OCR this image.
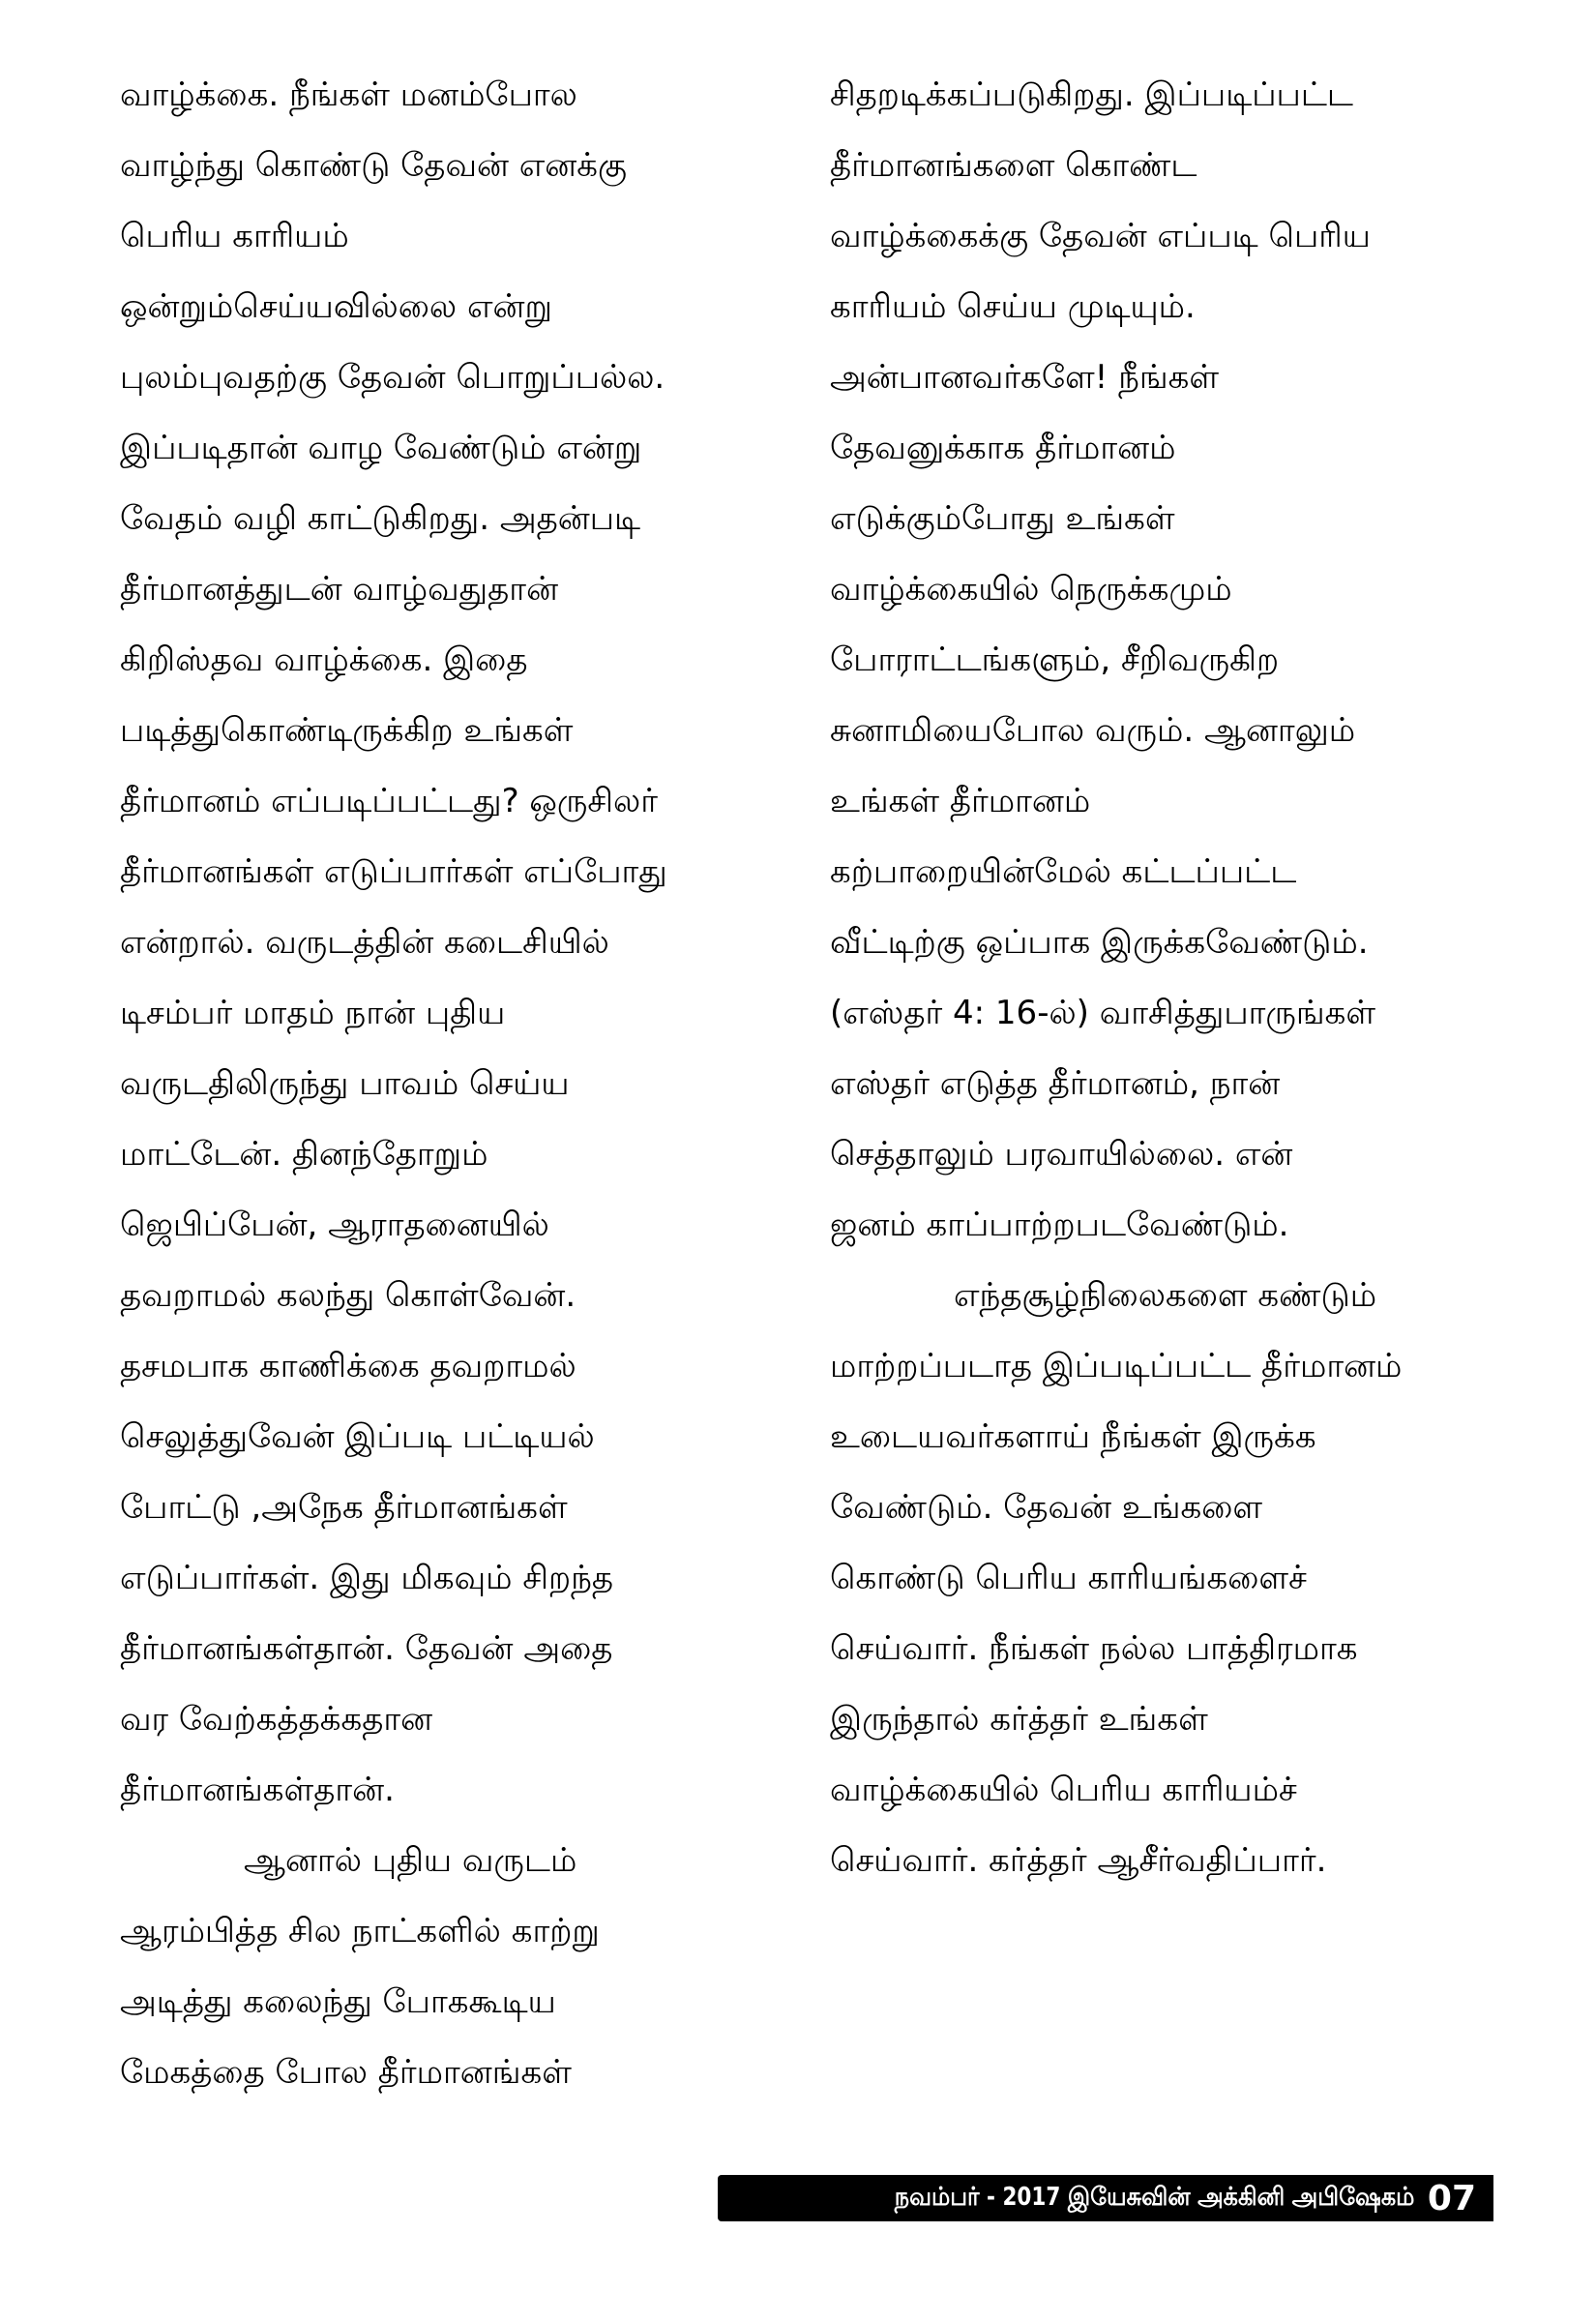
வாழ்க்கை. நீங்கள் மனம்போல
வாழ்ந்து கொண்டு தேவன் எனக்கு
பெரிய காரியம்
ஒன்றும்செய்யவில்லை என்று
புலம்புவதற்கு தேவன் பொறுப்பல்ல.
இப்படிதான் வாழ வேண்டும் என்று
வேதம் வழி காட்டுகிறது. அதன்படி
தீர்மானத்துடன் வாழ்வதுதான்
கிறிஸ்தவ வாழ்க்கை. இதை
படித்துகொண்டிருக்கிற உங்கள்
தீர்மானம் எப்படிப்பட்டது? ஒருசிலர்
தீர்மானங்கள் எடுப்பார்கள் எப்போது
என்றால். வருடத்தின் கடைசியில்
டிசம்பர் மாதம் நான் புதிய
வருடதிலிருந்து பாவம் செய்ய
மாட்டேன். தினந்தோறும்
ஜெபிப்பேன், ஆராதனையில்
தவறாமல் கலந்து கொள்வேன்.
தசமபாக காணிக்கை தவறாமல்
செலுத்துவேன் இப்படி பட்டியல்
போட்டு ,அநேக தீர்மானங்கள்
எடுப்பார்கள். இது மிகவும் சிறந்த
தீர்மானங்கள்தான். தேவன் அதை
வர வேற்கத்தக்கதான
தீர்மானங்கள்தான்.
ஆனால் புதிய வருடம்
ஆரம்பித்த சில நாட்களில் காற்று
அடித்து கலைந்து போககூடிய
மேகத்தை போல தீர்மானங்கள்
சிதறடிக்கப்படுகிறது. இப்படிப்பட்ட
தீர்மானங்களை கொண்ட
வாழ்க்கைக்கு தேவன் எப்படி பெரிய
காரியம் செய்ய முடியும்.
அன்பானவர்களே! நீங்கள்
தேவனுக்காக தீர்மானம்
எடுக்கும்போது உங்கள்
வாழ்க்கையில் நெருக்கமும்
போராட்டங்களும், சீறிவருகிற
சுனாமியைபோல வரும். ஆனாலும்
உங்கள் தீர்மானம்
கற்பாறையின்மேல் கட்டப்பட்ட
வீட்டிற்கு ஒப்பாக இருக்கவேண்டும்.
(எஸ்தர் 4: 16-ல்) வாசித்துபாருங்கள்
எஸ்தர் எடுத்த தீர்மானம், நான்
செத்தாலும் பரவாயில்லை. என்
ஜனம் காப்பாற்றபடவேண்டும்.
எந்தசூழ்நிலைகளை கண்டும்
மாற்றப்படாத இப்படிப்பட்ட தீர்மானம்
உடையவர்களாய் நீங்கள் இருக்க
வேண்டும். தேவன் உங்களை
கொண்டு பெரிய காரியங்களைச்
செய்வார். நீங்கள் நல்ல பாத்திரமாக
இருந்தால் கர்த்தர் உங்கள்
வாழ்க்கையில் பெரிய காரியம்ச்
செய்வார். கர்த்தர் ஆசீர்வதிப்பார்.
நவம்பர் - 2017 இயேசுவின் அக்கினி அபிஷேகம் 07
